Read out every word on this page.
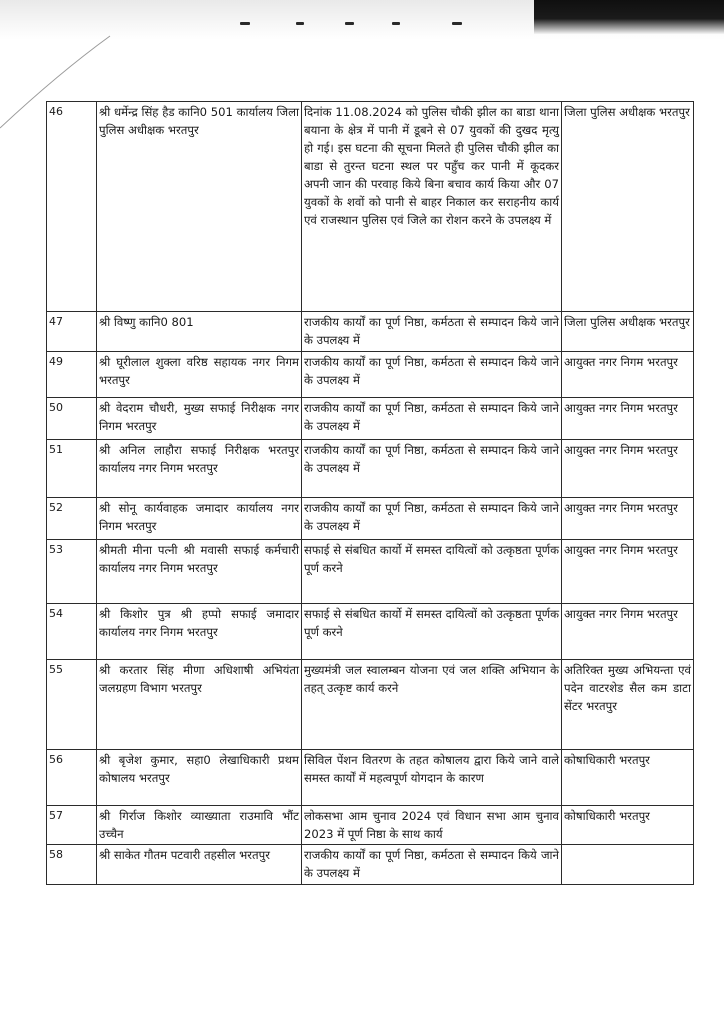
46	श्री धर्मेन्द्र सिंह हैड कानि0 501 कार्यालय जिला पुलिस अधीक्षक भरतपुर	दिनांक 11.08.2024 को पुलिस चौकी झील का बाडा थाना बयाना के क्षेत्र में पानी में डूबने से 07 युवकों की दुखद मृत्यु हो गई। इस घटना की सूचना मिलते ही पुलिस चौकी झील का बाडा से तुरन्त घटना स्थल पर पहुँच कर पानी में कूदकर अपनी जान की परवाह किये बिना बचाव कार्य किया और 07 युवकों के शवों को पानी से बाहर निकाल कर सराहनीय कार्य एवं राजस्थान पुलिस एवं जिले का रोशन करने के उपलक्ष्य में	जिला पुलिस अधीक्षक भरतपुर
47	श्री विष्णु कानि0 801	राजकीय कार्यों का पूर्ण निष्ठा, कर्मठता से सम्पादन किये जाने के उपलक्ष्य में	जिला पुलिस अधीक्षक भरतपुर
49	श्री घूरीलाल शुक्ला वरिष्ठ सहायक नगर निगम भरतपुर	राजकीय कार्यों का पूर्ण निष्ठा, कर्मठता से सम्पादन किये जाने के उपलक्ष्य में	आयुक्त नगर निगम भरतपुर
50	श्री वेदराम चौधरी, मुख्य सफाई निरीक्षक नगर निगम भरतपुर	राजकीय कार्यों का पूर्ण निष्ठा, कर्मठता से सम्पादन किये जाने के उपलक्ष्य में	आयुक्त नगर निगम भरतपुर
51	श्री अनिल लाहौरा सफाई निरीक्षक भरतपुर कार्यालय नगर निगम भरतपुर	राजकीय कार्यों का पूर्ण निष्ठा, कर्मठता से सम्पादन किये जाने के उपलक्ष्य में	आयुक्त नगर निगम भरतपुर
52	श्री सोनू कार्यवाहक जमादार कार्यालय नगर निगम भरतपुर	राजकीय कार्यों का पूर्ण निष्ठा, कर्मठता से सम्पादन किये जाने के उपलक्ष्य में	आयुक्त नगर निगम भरतपुर
53	श्रीमती मीना पत्नी श्री मवासी सफाई कर्मचारी कार्यालय नगर निगम भरतपुर	सफाई से संबधित कार्यो में समस्त दायित्वों को उत्कृष्ठता पूर्णक पूर्ण करने	आयुक्त नगर निगम भरतपुर
54	श्री किशोर पुत्र श्री हप्पो सफाई जमादार कार्यालय नगर निगम भरतपुर	सफाई से संबधित कार्यो में समस्त दायित्वों को उत्कृष्ठता पूर्णक पूर्ण करने	आयुक्त नगर निगम भरतपुर
55	श्री करतार सिंह मीणा अधिशाषी अभियंता जलग्रहण विभाग भरतपुर	मुख्यमंत्री जल स्वालम्बन योजना एवं जल शक्ति अभियान के तहत् उत्कृष्ट कार्य करने	अतिरिक्त मुख्य अभियन्ता एवं पदेन वाटरशेड सैल कम डाटा सेंटर भरतपुर
56	श्री बृजेश कुमार, सहा0 लेखाधिकारी प्रथम कोषालय भरतपुर	सिविल पेंशन वितरण के तहत कोषालय द्वारा किये जाने वाले समस्त कार्यों में महत्वपूर्ण योगदान के कारण	कोषाधिकारी भरतपुर
57	श्री गिर्राज किशोर व्याख्याता राउमावि भौंट उच्चैन	लोकसभा आम चुनाव 2024 एवं विधान सभा आम चुनाव 2023 में पूर्ण निष्ठा के साथ कार्य	कोषाधिकारी भरतपुर
58	श्री साकेत गौतम पटवारी तहसील भरतपुर	राजकीय कार्यों का पूर्ण निष्ठा, कर्मठता से सम्पादन किये जाने के उपलक्ष्य में	
